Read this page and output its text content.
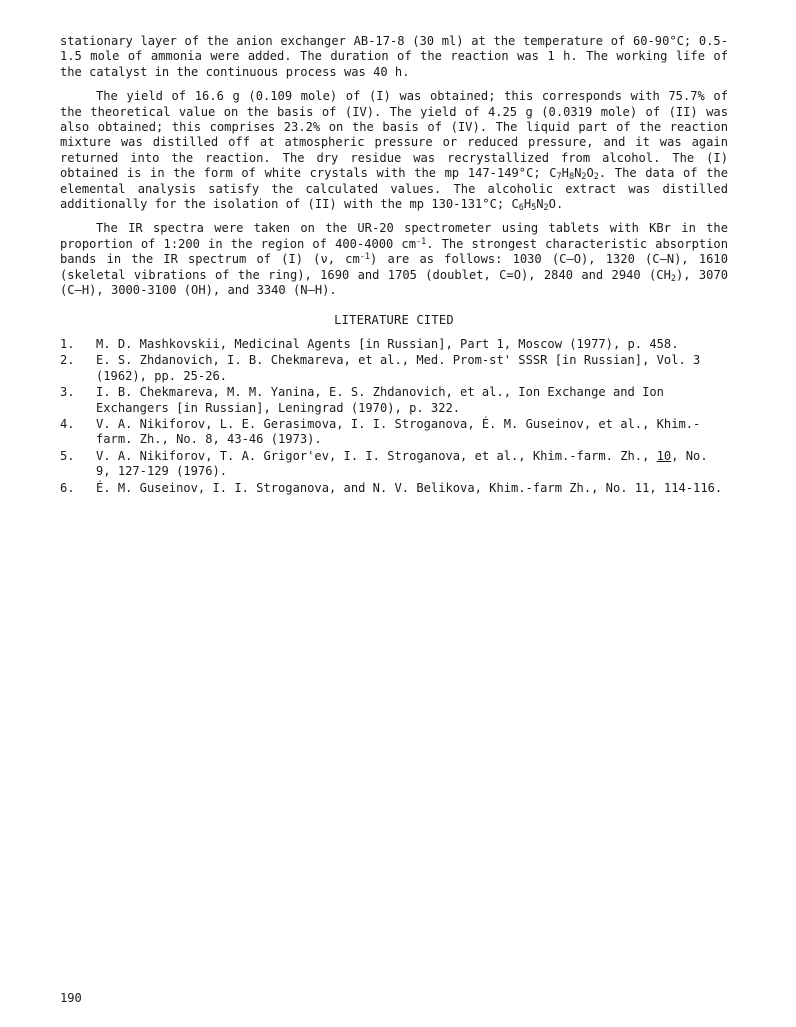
stationary layer of the anion exchanger AB-17-8 (30 ml) at the temperature of 60-90°C; 0.5-1.5 mole of ammonia were added. The duration of the reaction was 1 h. The working life of the catalyst in the continuous process was 40 h.

The yield of 16.6 g (0.109 mole) of (I) was obtained; this corresponds with 75.7% of the theoretical value on the basis of (IV). The yield of 4.25 g (0.0319 mole) of (II) was also obtained; this comprises 23.2% on the basis of (IV). The liquid part of the reaction mixture was distilled off at atmospheric pressure or reduced pressure, and it was again returned into the reaction. The dry residue was recrystallized from alcohol. The (I) obtained is in the form of white crystals with the mp 147-149°C; $C_7H_8N_2O_2$. The data of the elemental analysis satisfy the calculated values. The alcoholic extract was distilled additionally for the isolation of (II) with the mp 130-131°C; $C_6H_5N_2O$.

The IR spectra were taken on the UR-20 spectrometer using tablets with KBr in the proportion of 1:200 in the region of 400-4000 $cm^{-1}$. The strongest characteristic absorption bands in the IR spectrum of (I) (ν, $cm^{-1}$) are as follows: 1030 (C–O), 1320 (C–N), 1610 (skeletal vibrations of the ring), 1690 and 1705 (doublet, C=O), 2840 and 2940 $(CH_2)$, 3070 (C–H), 3000-3100 (OH), and 3340 (N–H).

LITERATURE CITED
1. M. D. Mashkovskii, Medicinal Agents [in Russian], Part 1, Moscow (1977), p. 458.
2. E. S. Zhdanovich, I. B. Chekmareva, et al., Med. Prom-st' SSSR [in Russian], Vol. 3 (1962), pp. 25-26.
3. I. B. Chekmareva, M. M. Yanina, E. S. Zhdanovich, et al., Ion Exchange and Ion Exchangers [in Russian], Leningrad (1970), p. 322.
4. V. A. Nikiforov, L. E. Gerasimova, I. I. Stroganova, É. M. Guseinov, et al., Khim.-farm. Zh., No. 8, 43-46 (1973).
5. V. A. Nikiforov, T. A. Grigor'ev, I. I. Stroganova, et al., Khim.-farm. Zh., 10, No. 9, 127-129 (1976).
6. É. M. Guseinov, I. I. Stroganova, and N. V. Belikova, Khim.-farm Zh., No. 11, 114-116.
190
